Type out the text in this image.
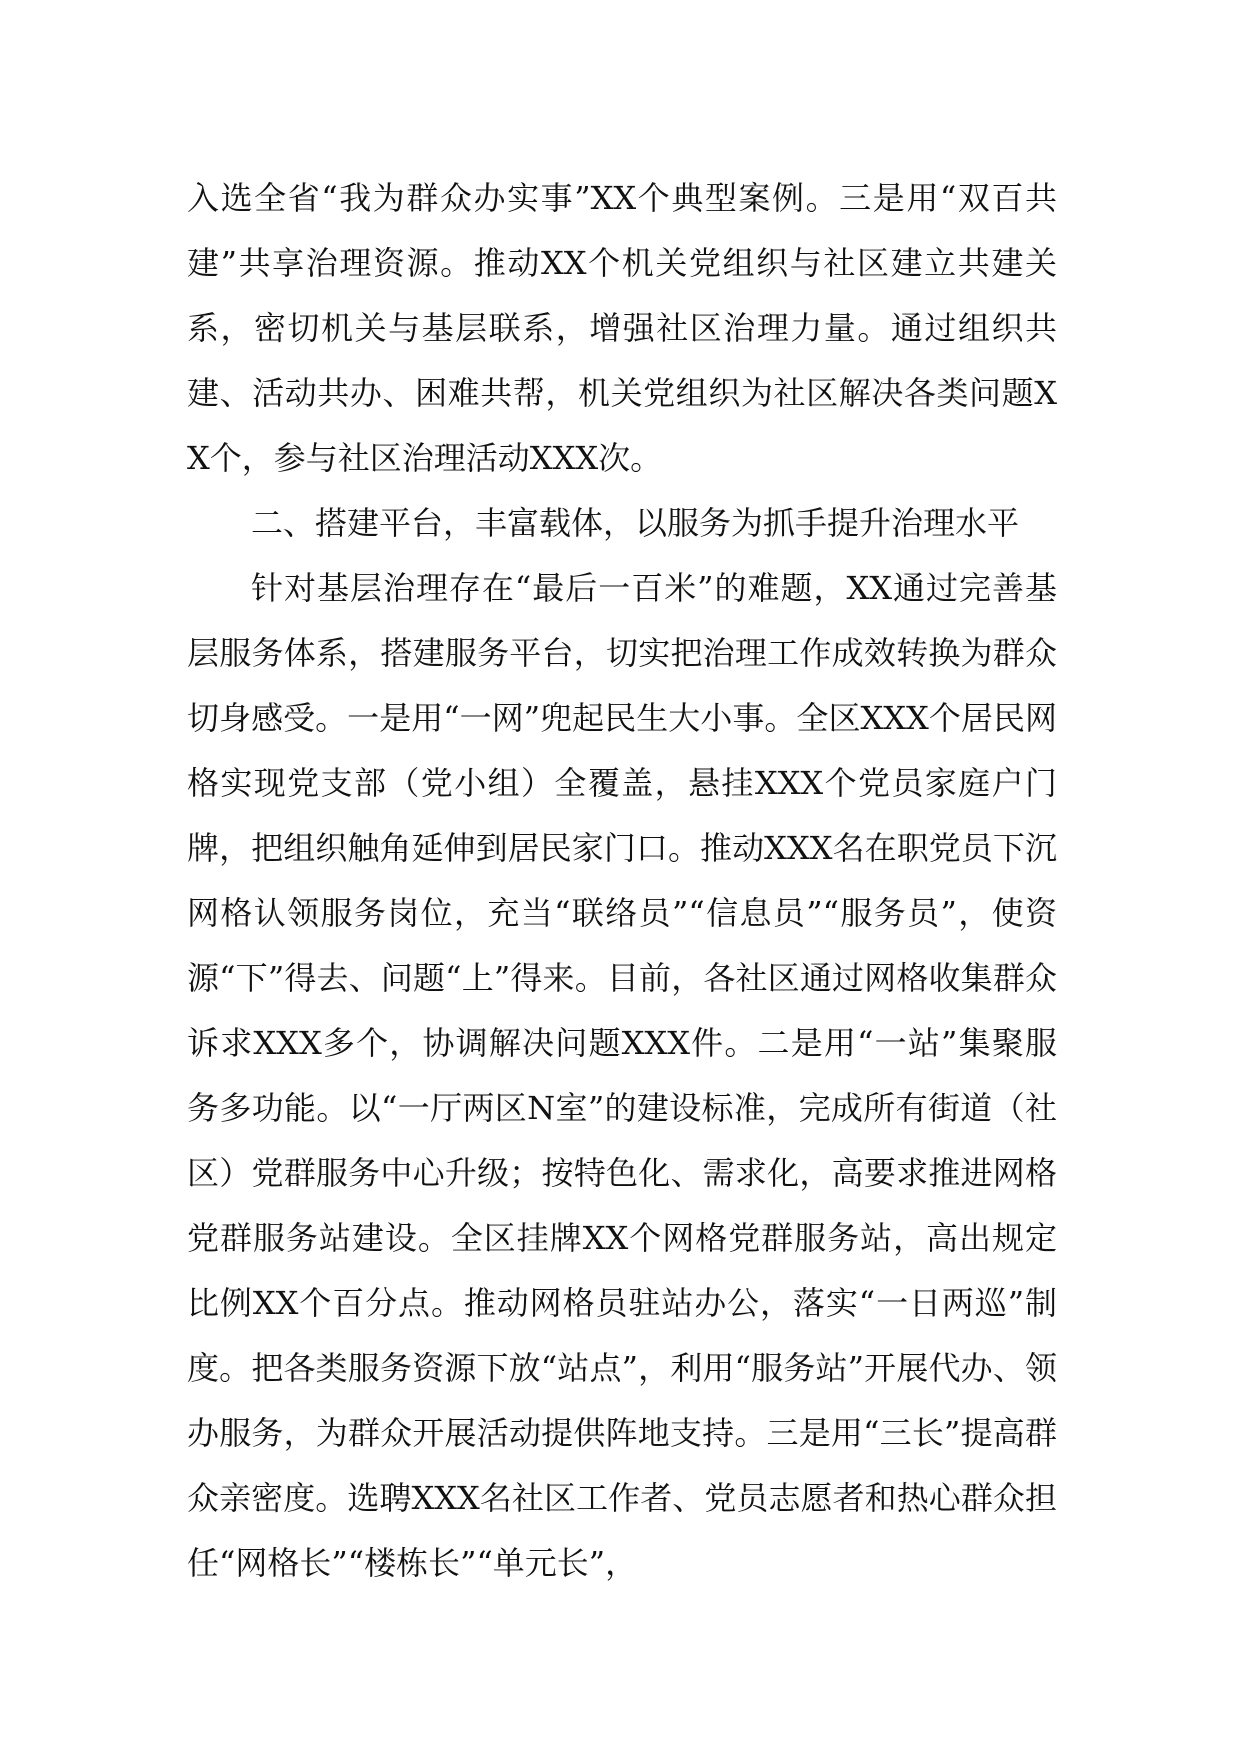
入选全省“我为群众办实事”XX个典型案例。三是用“双百共建”共享治理资源。推动XX个机关党组织与社区建立共建关系，密切机关与基层联系，增强社区治理力量。通过组织共建、活动共办、困难共帮，机关党组织为社区解决各类问题XX个，参与社区治理活动XXX次。

二、搭建平台，丰富载体，以服务为抓手提升治理水平

针对基层治理存在“最后一百米”的难题，XX通过完善基层服务体系，搭建服务平台，切实把治理工作成效转换为群众切身感受。一是用“一网”兜起民生大小事。全区XXX个居民网格实现党支部（党小组）全覆盖，悬挂XXX个党员家庭户门牌，把组织触角延伸到居民家门口。推动XXX名在职党员下沉网格认领服务岗位，充当“联络员”“信息员”“服务员”，使资源“下”得去、问题“上”得来。目前，各社区通过网格收集群众诉求XXX多个，协调解决问题XXX件。二是用“一站”集聚服务多功能。以“一厅两区N室”的建设标准，完成所有街道（社区）党群服务中心升级；按特色化、需求化，高要求推进网格党群服务站建设。全区挂牌XX个网格党群服务站，高出规定比例XX个百分点。推动网格员驻站办公，落实“一日两巡”制度。把各类服务资源下放“站点”，利用“服务站”开展代办、领办服务，为群众开展活动提供阵地支持。三是用“三长”提高群众亲密度。选聘XXX名社区工作者、党员志愿者和热心群众担任“网格长”“楼栋长”“单元长”，
